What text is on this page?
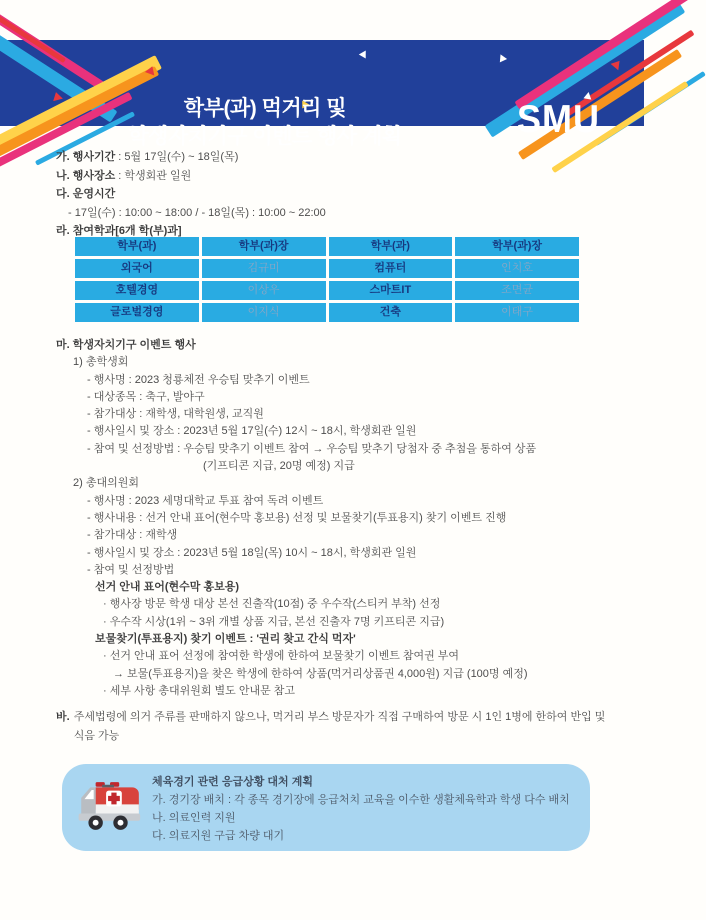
학부(과) 먹거리 및
학생자치기구 이벤트 행사 계획	SMU
가. 행사기간 : 5월 17일(수) ~ 18일(목)
나. 행사장소 : 학생회관 일원
다. 운영시간
- 17일(수) : 10:00 ~ 18:00 / - 18일(목) : 10:00 ~ 22:00
라. 참여학과[6개 학(부)과]
학부(과)	학부(과)장	학부(과)	학부(과)장
외국어	김규미	컴퓨터	인치호
호텔경영	이상우	스마트IT	조면균
글로벌경영	이지식	건축	이태구
마. 학생자치기구 이벤트 행사
1) 총학생회
- 행사명 : 2023 청룡체전 우승팀 맞추기 이벤트
- 대상종목 : 축구, 발야구
- 참가대상 : 재학생, 대학원생, 교직원
- 행사일시 및 장소 : 2023년 5월 17일(수) 12시 ~ 18시, 학생회관 일원
- 참여 및 선정방법 : 우승팀 맞추기 이벤트 참여 → 우승팀 맞추기 당첨자 중 추첨을 통하여 상품
(기프티콘 지급, 20명 예정) 지급
2) 총대의원회
- 행사명 : 2023 세명대학교 투표 참여 독려 이벤트
- 행사내용 : 선거 안내 표어(현수막 홍보용) 선정 및 보물찾기(투표용지) 찾기 이벤트 진행
- 참가대상 : 재학생
- 행사일시 및 장소 : 2023년 5월 18일(목) 10시 ~ 18시, 학생회관 일원
- 참여 및 선정방법
선거 안내 표어(현수막 홍보용)
· 행사장 방문 학생 대상 본선 진출작(10점) 중 우수작(스티커 부착) 선정
· 우수작 시상(1위 ~ 3위 개별 상품 지급, 본선 진출자 7명 키프티콘 지급)
보물찾기(투표용지) 찾기 이벤트 : '권리 찾고 간식 먹자'
· 선거 안내 표어 선정에 참여한 학생에 한하여 보물찾기 이벤트 참여권 부여
→ 보물(투표용지)을 찾은 학생에 한하여 상품(먹거리상품권 4,000원) 지급 (100명 예정)
· 세부 사항 총대위원회 별도 안내문 참고
바. 주세법령에 의거 주류를 판매하지 않으나, 먹거리 부스 방문자가 직접 구매하여 방문 시 1인 1병에 한하여 반입 및 식음 가능
체육경기 관련 응급상황 대처 계획
가. 경기장 배치 : 각 종목 경기장에 응급처치 교육을 이수한 생활체육학과 학생 다수 배치
나. 의료인력 지원
다. 의료지원 구급 차량 대기
